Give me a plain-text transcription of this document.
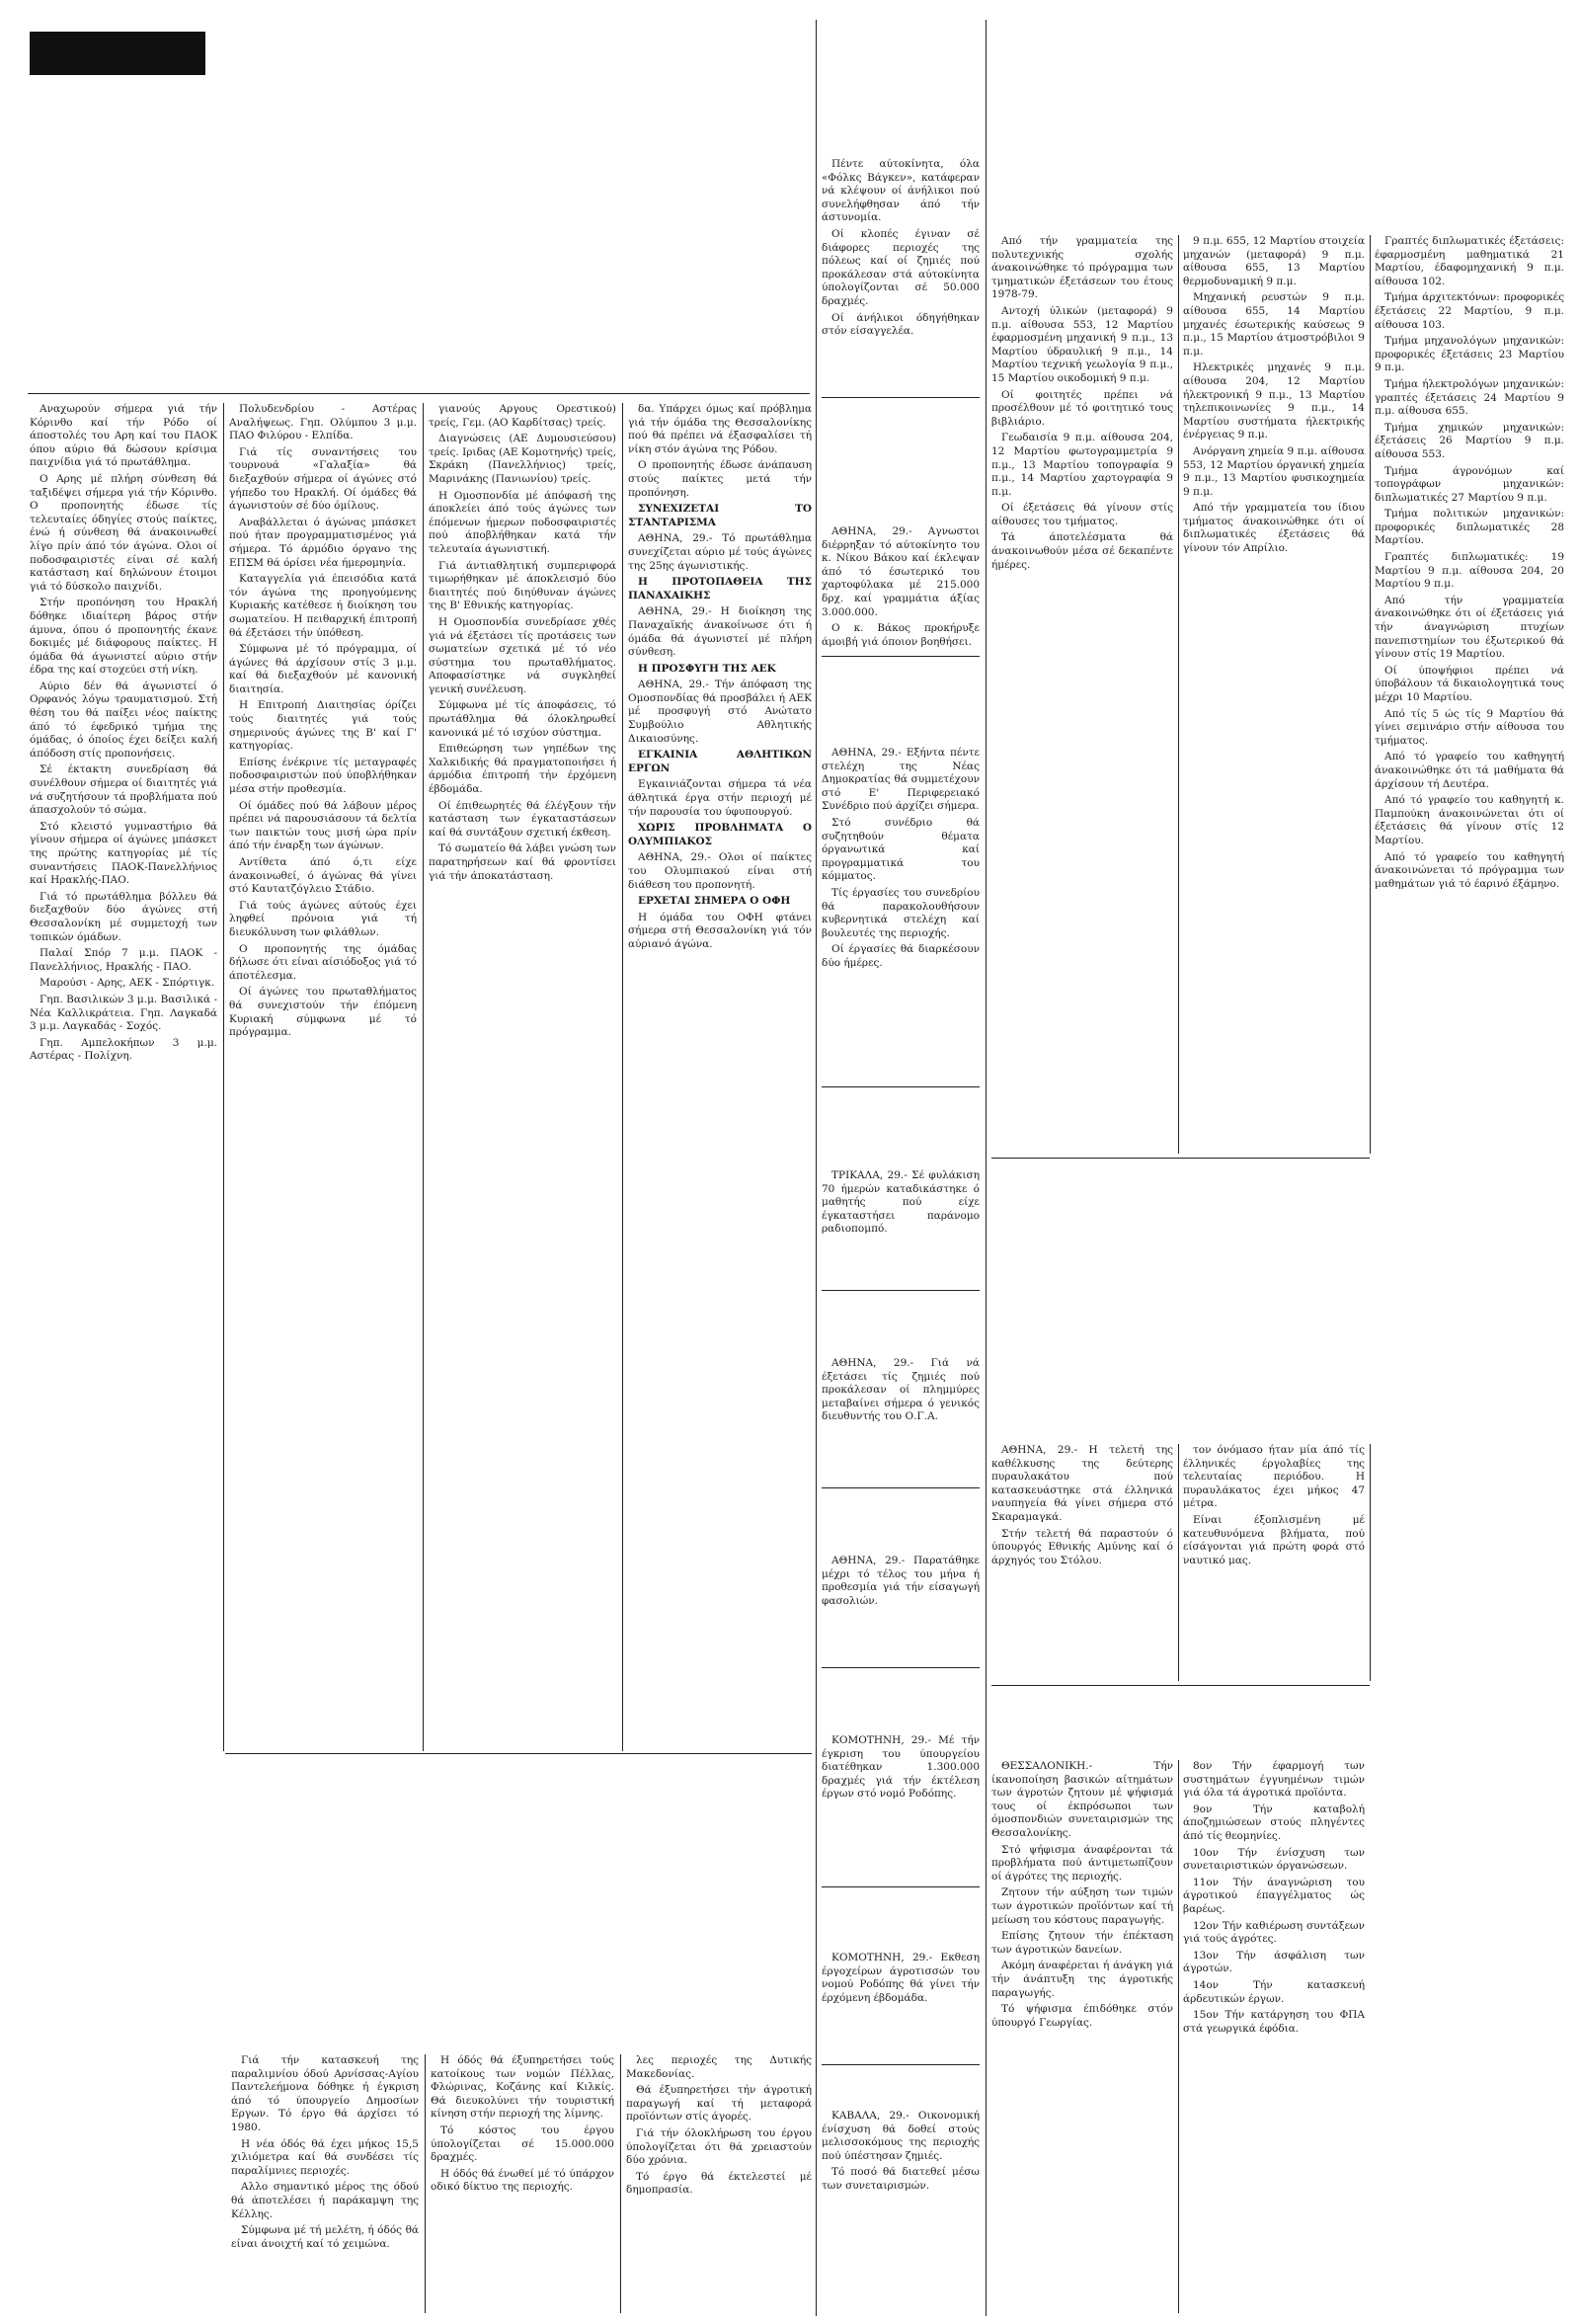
Αναχωρούν σήμερα γιά τήν Κόρινθο καί τήν Ρόδο οί άποστολές του Αρη καί του ΠΑΟΚ όπου αύριο θά δώσουν κρίσιμα παιχνίδια γιά τό πρωτάθλημα.

Ο Αρης μέ πλήρη σύνθεση θά ταξιδέψει σήμερα γιά τήν Κόρινθο. Ο προπονητής έδωσε τίς τελευταίες όδηγίες στούς παίκτες, ένώ ή σύνθεση θά άνακοινωθεί λίγο πρίν άπό τόν άγώνα. Ολοι οί ποδοσφαιριστές είναι σέ καλή κατάσταση καί δηλώνουν έτοιμοι γιά τό δύσκολο παιχνίδι.

Στήν προπόνηση του Ηρακλή δόθηκε ιδιαίτερη βάρος στήν άμυνα, όπου ό προπονητής έκανε δοκιμές μέ διάφορους παίκτες. Η όμάδα θά άγωνιστεί αύριο στήν έδρα της καί στοχεύει στή νίκη.

Αύριο δέν θά άγωνιστεί ό Ορφανός λόγω τραυματισμού. Στή θέση του θά παίξει νέος παίκτης άπό τό έφεδρικό τμήμα της όμάδας, ό όποίος έχει δείξει καλή άπόδοση στίς προπονήσεις.

Σέ έκτακτη συνεδρίαση θά συνέλθουν σήμερα οί διαιτητές γιά νά συζητήσουν τά προβλήματα πού άπασχολούν τό σώμα.

Στό κλειστό γυμναστήριο θά γίνουν σήμερα οί άγώνες μπάσκετ της πρώτης κατηγορίας μέ τίς συναντήσεις ΠΑΟΚ-Πανελλήνιος καί Ηρακλής-ΠΑΟ.

Γιά τό πρωτάθλημα βόλλευ θά διεξαχθούν δύο άγώνες στή Θεσσαλονίκη μέ συμμετοχή των τοπικών όμάδων.

Παλαί Σπόρ 7 μ.μ. ΠΑΟΚ - Πανελλήνιος, Ηρακλής - ΠΑΟ.

Μαρούσι - Αρης, ΑΕΚ - Σπόρτιγκ.

Γηπ. Βασιλικών 3 μ.μ. Βασιλικά - Νέα Καλλικράτεια. Γηπ. Λαγκαδά 3 μ.μ. Λαγκαδάς - Σοχός.

Γηπ. Αμπελοκήπων 3 μ.μ. Αστέρας - Πολίχνη.

Πολυδενδρίου - Αστέρας Αναλήψεως. Γηπ. Ολύμπου 3 μ.μ. ΠΑΟ Φιλύρου - Ελπίδα.

Γιά τίς συναντήσεις του τουρνουά «Γαλαξία» θά διεξαχθούν σήμερα οί άγώνες στό γήπεδο του Ηρακλή. Οί όμάδες θά άγωνιστούν σέ δύο όμίλους.

Αναβάλλεται ό άγώνας μπάσκετ πού ήταν προγραμματισμένος γιά σήμερα. Τό άρμόδιο όργανο της ΕΠΣΜ θά όρίσει νέα ήμερομηνία.

Καταγγελία γιά έπεισόδια κατά τόν άγώνα της προηγούμενης Κυριακής κατέθεσε ή διοίκηση του σωματείου. Η πειθαρχική έπιτροπή θά έξετάσει τήν ύπόθεση.

Σύμφωνα μέ τό πρόγραμμα, οί άγώνες θά άρχίσουν στίς 3 μ.μ. καί θά διεξαχθούν μέ κανονική διαιτησία.

Η Επιτροπή Διαιτησίας όρίζει τούς διαιτητές γιά τούς σημερινούς άγώνες της Β' καί Γ' κατηγορίας.

Επίσης ένέκρινε τίς μεταγραφές ποδοσφαιριστών πού ύποβλήθηκαν μέσα στήν προθεσμία.

Οί όμάδες πού θά λάβουν μέρος πρέπει νά παρουσιάσουν τά δελτία των παικτών τους μισή ώρα πρίν άπό τήν έναρξη των άγώνων.

Αντίθετα άπό ό,τι είχε άνακοινωθεί, ό άγώνας θά γίνει στό Καυτατζόγλειο Στάδιο.

Γιά τούς άγώνες αύτούς έχει ληφθεί πρόνοια γιά τή διευκόλυνση των φιλάθλων.

Ο προπονητής της όμάδας δήλωσε ότι είναι αίσιόδοξος γιά τό άποτέλεσμα.

Οί άγώνες του πρωταθλήματος θά συνεχιστούν τήν έπόμενη Κυριακή σύμφωνα μέ τό πρόγραμμα.

γιανούς Αργους Ορεστικού) τρείς, Γεμ. (ΑΟ Καρδίτσας) τρείς.

Διαγνώσεις (ΑΕ Δυμουσιεύσου) τρείς. Ιριδας (ΑΕ Κομοτηνής) τρείς, Σκράκη (Πανελλήνιος) τρείς, Μαρινάκης (Πανιωνίου) τρείς.

Η Ομοσπονδία μέ άπόφασή της άποκλείει άπό τούς άγώνες των έπόμενων ήμερων ποδοσφαιριστές πού άποβλήθηκαν κατά τήν τελευταία άγωνιστική.

Γιά άντιαθλητική συμπεριφορά τιμωρήθηκαν μέ άποκλεισμό δύο διαιτητές πού διηύθυναν άγώνες της Β' Εθνικής κατηγορίας.

Η Ομοσπονδία συνεδρίασε χθές γιά νά έξετάσει τίς προτάσεις των σωματείων σχετικά μέ τό νέο σύστημα του πρωταθλήματος. Αποφασίστηκε νά συγκληθεί γενική συνέλευση.

Σύμφωνα μέ τίς άποφάσεις, τό πρωτάθλημα θά όλοκληρωθεί κανονικά μέ τό ισχύον σύστημα.

Επιθεώρηση των γηπέδων της Χαλκιδικής θά πραγματοποιήσει ή άρμόδια έπιτροπή τήν έρχόμενη έβδομάδα.

Οί έπιθεωρητές θά έλέγξουν τήν κατάσταση των έγκαταστάσεων καί θά συντάξουν σχετική έκθεση.

Τό σωματείο θά λάβει γνώση των παρατηρήσεων καί θά φροντίσει γιά τήν άποκατάσταση.

δα. Υπάρχει όμως καί πρόβλημα γιά τήν όμάδα της Θεσσαλονίκης πού θά πρέπει νά έξασφαλίσει τή νίκη στόν άγώνα της Ρόδου.

Ο προπονητής έδωσε άνάπαυση στούς παίκτες μετά τήν προπόνηση.

ΣΥΝΕΧΙΖΕΤΑΙ ΤΟ ΣΤΑΝΤΑΡΙΣΜΑ

ΑΘΗΝΑ, 29.- Τό πρωτάθλημα συνεχίζεται αύριο μέ τούς άγώνες της 25ης άγωνιστικής.

Η ΠΡΟΤΟΠΑΘΕΙΑ ΤΗΣ ΠΑΝΑΧΑΙΚΗΣ

ΑΘΗΝΑ, 29.- Η διοίκηση της Παναχαϊκής άνακοίνωσε ότι ή όμάδα θά άγωνιστεί μέ πλήρη σύνθεση.

Η ΠΡΟΣΦΥΓΗ ΤΗΣ ΑΕΚ

ΑΘΗΝΑ, 29.- Τήν άπόφαση της Ομοσπονδίας θά προσβάλει ή ΑΕΚ μέ προσφυγή στό Ανώτατο Συμβούλιο Αθλητικής Δικαιοσύνης.

ΕΓΚΑΙΝΙΑ ΑΘΛΗΤΙΚΩΝ ΕΡΓΩΝ

Εγκαινιάζονται σήμερα τά νέα άθλητικά έργα στήν περιοχή μέ τήν παρουσία του ύφυπουργού.

ΧΩΡΙΣ ΠΡΟΒΛΗΜΑΤΑ Ο ΟΛΥΜΠΙΑΚΟΣ

ΑΘΗΝΑ, 29.- Ολοι οί παίκτες του Ολυμπιακού είναι στή διάθεση του προπονητή.

ΕΡΧΕΤΑΙ ΣΗΜΕΡΑ Ο ΟΦΗ

Η όμάδα του ΟΦΗ φτάνει σήμερα στή Θεσσαλονίκη γιά τόν αύριανό άγώνα.

Γιά τήν κατασκευή της παραλιμνίου όδού Αρνίσσας-Αγίου Παντελεήμονα δόθηκε ή έγκριση άπό τό ύπουργείο Δημοσίων Εργων. Τό έργο θά άρχίσει τό 1980.

Η νέα όδός θά έχει μήκος 15,5 χιλιόμετρα καί θά συνδέσει τίς παραλίμνιες περιοχές.

Αλλο σημαντικό μέρος της όδού θά άποτελέσει ή παράκαμψη της Κέλλης.

Σύμφωνα μέ τή μελέτη, ή όδός θά είναι άνοιχτή καί τό χειμώνα.

Η όδός θά έξυπηρετήσει τούς κατοίκους των νομών Πέλλας, Φλώρινας, Κοζάνης καί Κιλκίς. Θά διευκολύνει τήν τουριστική κίνηση στήν περιοχή της λίμνης.

Τό κόστος του έργου ύπολογίζεται σέ 15.000.000 δραχμές.

Η όδός θά ένωθεί μέ τό ύπάρχον οδικό δίκτυο της περιοχής.

λες περιοχές της Δυτικής Μακεδονίας.

Θά έξυπηρετήσει τήν άγροτική παραγωγή καί τή μεταφορά προϊόντων στίς άγορές.

Γιά τήν όλοκλήρωση του έργου ύπολογίζεται ότι θά χρειαστούν δύο χρόνια.

Τό έργο θά έκτελεστεί μέ δημοπρασία.

Πέντε αύτοκίνητα, όλα «Φόλκς Βάγκεν», κατάφεραν νά κλέψουν οί άνήλικοι πού συνελήφθησαν άπό τήν άστυνομία.

Οί κλοπές έγιναν σέ διάφορες περιοχές της πόλεως καί οί ζημιές πού προκάλεσαν στά αύτοκίνητα ύπολογίζονται σέ 50.000 δραχμές.

Οί άνήλικοι όδηγήθηκαν στόν είσαγγελέα.

ΑΘΗΝΑ, 29.- Αγνωστοι διέρρηξαν τό αύτοκίνητο του κ. Νίκου Βάκου καί έκλεψαν άπό τό έσωτερικό του χαρτοφύλακα μέ 215.000 δρχ. καί γραμμάτια άξίας 3.000.000.

Ο κ. Βάκος προκήρυξε άμοιβή γιά όποιον βοηθήσει.

ΑΘΗΝΑ, 29.- Εξήντα πέντε στελέχη της Νέας Δημοκρατίας θά συμμετέχουν στό Ε' Περιφερειακό Συνέδριο πού άρχίζει σήμερα.

Στό συνέδριο θά συζητηθούν θέματα όργανωτικά καί προγραμματικά του κόμματος.

Τίς έργασίες του συνεδρίου θά παρακολουθήσουν κυβερνητικά στελέχη καί βουλευτές της περιοχής.

Οί έργασίες θά διαρκέσουν δύο ήμέρες.

ΤΡΙΚΑΛΑ, 29.- Σέ φυλάκιση 70 ήμερών καταδικάστηκε ό μαθητής πού είχε έγκαταστήσει παράνομο ραδιοπομπό.

ΑΘΗΝΑ, 29.- Γιά νά έξετάσει τίς ζημιές πού προκάλεσαν οί πλημμύρες μεταβαίνει σήμερα ό γενικός διευθυντής του Ο.Γ.Α.

ΑΘΗΝΑ, 29.- Παρατάθηκε μέχρι τό τέλος του μήνα ή προθεσμία γιά τήν είσαγωγή φασολιών.

ΚΟΜΟΤΗΝΗ, 29.- Μέ τήν έγκριση του ύπουργείου διατέθηκαν 1.300.000 δραχμές γιά τήν έκτέλεση έργων στό νομό Ροδόπης.

ΚΟΜΟΤΗΝΗ, 29.- Εκθεση έργοχείρων άγροτισσών του νομού Ροδόπης θά γίνει τήν έρχόμενη έβδομάδα.

ΚΑΒΑΛΑ, 29.- Οικονομική ένίσχυση θά δοθεί στούς μελισσοκόμους της περιοχής πού ύπέστησαν ζημιές.

Τό ποσό θά διατεθεί μέσω των συνεταιρισμών.

Από τήν γραμματεία της πολυτεχνικής σχολής άνακοινώθηκε τό πρόγραμμα των τμηματικών έξετάσεων του έτους 1978-79.

Αντοχή ύλικών (μεταφορά) 9 π.μ. αίθουσα 553, 12 Μαρτίου έφαρμοσμένη μηχανική 9 π.μ., 13 Μαρτίου ύδραυλική 9 π.μ., 14 Μαρτίου τεχνική γεωλογία 9 π.μ., 15 Μαρτίου οικοδομική 9 π.μ.

Οί φοιτητές πρέπει νά προσέλθουν μέ τό φοιτητικό τους βιβλιάριο.

Γεωδαισία 9 π.μ. αίθουσα 204, 12 Μαρτίου φωτογραμμετρία 9 π.μ., 13 Μαρτίου τοπογραφία 9 π.μ., 14 Μαρτίου χαρτογραφία 9 π.μ.

Οί έξετάσεις θά γίνουν στίς αίθουσες του τμήματος.

Τά άποτελέσματα θά άνακοινωθούν μέσα σέ δεκαπέντε ήμέρες.

9 π.μ. 655, 12 Μαρτίου στοιχεία μηχανών (μεταφορά) 9 π.μ. αίθουσα 655, 13 Μαρτίου θερμοδυναμική 9 π.μ.

Μηχανική ρευστών 9 π.μ. αίθουσα 655, 14 Μαρτίου μηχανές έσωτερικής καύσεως 9 π.μ., 15 Μαρτίου άτμοστρόβιλοι 9 π.μ.

Ηλεκτρικές μηχανές 9 π.μ. αίθουσα 204, 12 Μαρτίου ήλεκτρονική 9 π.μ., 13 Μαρτίου τηλεπικοινωνίες 9 π.μ., 14 Μαρτίου συστήματα ήλεκτρικής ένέργειας 9 π.μ.

Ανόργανη χημεία 9 π.μ. αίθουσα 553, 12 Μαρτίου όργανική χημεία 9 π.μ., 13 Μαρτίου φυσικοχημεία 9 π.μ.

Από τήν γραμματεία του ίδιου τμήματος άνακοινώθηκε ότι οί διπλωματικές έξετάσεις θά γίνουν τόν Απρίλιο.

Γραπτές διπλωματικές έξετάσεις: έφαρμοσμένη μαθηματικά 21 Μαρτίου, έδαφομηχανική 9 π.μ. αίθουσα 102.

Τμήμα άρχιτεκτόνων: προφορικές έξετάσεις 22 Μαρτίου, 9 π.μ. αίθουσα 103.

Τμήμα μηχανολόγων μηχανικών: προφορικές έξετάσεις 23 Μαρτίου 9 π.μ.

Τμήμα ήλεκτρολόγων μηχανικών: γραπτές έξετάσεις 24 Μαρτίου 9 π.μ. αίθουσα 655.

Τμήμα χημικών μηχανικών: έξετάσεις 26 Μαρτίου 9 π.μ. αίθουσα 553.

Τμήμα άγρονόμων καί τοπογράφων μηχανικών: διπλωματικές 27 Μαρτίου 9 π.μ.

Τμήμα πολιτικών μηχανικών: προφορικές διπλωματικές 28 Μαρτίου.

Γραπτές διπλωματικές: 19 Μαρτίου 9 π.μ. αίθουσα 204, 20 Μαρτίου 9 π.μ.

Από τήν γραμματεία άνακοινώθηκε ότι οί έξετάσεις γιά τήν άναγνώριση πτυχίων πανεπιστημίων του έξωτερικού θά γίνουν στίς 19 Μαρτίου.

Οί ύποψήφιοι πρέπει νά ύποβάλουν τά δικαιολογητικά τους μέχρι 10 Μαρτίου.

Από τίς 5 ώς τίς 9 Μαρτίου θά γίνει σεμινάριο στήν αίθουσα του τμήματος.

Από τό γραφείο του καθηγητή άνακοινώθηκε ότι τά μαθήματα θά άρχίσουν τή Δευτέρα.

Από τό γραφείο του καθηγητή κ. Παμπούκη άνακοινώνεται ότι οί έξετάσεις θά γίνουν στίς 12 Μαρτίου.

Από τό γραφείο του καθηγητή άνακοινώνεται τό πρόγραμμα των μαθημάτων γιά τό έαρινό έξάμηνο.

ΑΘΗΝΑ, 29.- Η τελετή της καθέλκυσης της δεύτερης πυραυλακάτου πού κατασκευάστηκε στά έλληνικά ναυπηγεία θά γίνει σήμερα στό Σκαραμαγκά.

Στήν τελετή θά παραστούν ό ύπουργός Εθνικής Αμύνης καί ό άρχηγός του Στόλου.

τον όνόμασο ήταν μία άπό τίς έλληνικές έργολαβίες της τελευταίας περιόδου. Η πυραυλάκατος έχει μήκος 47 μέτρα.

Είναι έξοπλισμένη μέ κατευθυνόμενα βλήματα, πού είσάγονται γιά πρώτη φορά στό ναυτικό μας.

ΘΕΣΣΑΛΟΝΙΚΗ.- Τήν ίκανοποίηση βασικών αίτημάτων των άγροτών ζητουν μέ ψήφισμά τους οί έκπρόσωποι των όμοσπονδιών συνεταιρισμών της Θεσσαλονίκης.

Στό ψήφισμα άναφέρονται τά προβλήματα πού άντιμετωπίζουν οί άγρότες της περιοχής.

Ζητουν τήν αύξηση των τιμών των άγροτικών προϊόντων καί τή μείωση του κόστους παραγωγής.

Επίσης ζητουν τήν έπέκταση των άγροτικών δανείων.

Ακόμη άναφέρεται ή άνάγκη γιά τήν άνάπτυξη της άγροτικής παραγωγής.

Τό ψήφισμα έπιδόθηκε στόν ύπουργό Γεωργίας.

8ον Τήν έφαρμογή των συστημάτων έγγυημένων τιμών γιά όλα τά άγροτικά προϊόντα.

9ον Τήν καταβολή άποζημιώσεων στούς πληγέντες άπό τίς θεομηνίες.

10ον Τήν ένίσχυση των συνεταιριστικών όργανώσεων.

11ον Τήν άναγνώριση του άγροτικού έπαγγέλματος ώς βαρέως.

12ον Τήν καθιέρωση συντάξεων γιά τούς άγρότες.

13ον Τήν άσφάλιση των άγροτών.

14ον Τήν κατασκευή άρδευτικών έργων.

15ον Τήν κατάργηση του ΦΠΑ στά γεωργικά έφόδια.
